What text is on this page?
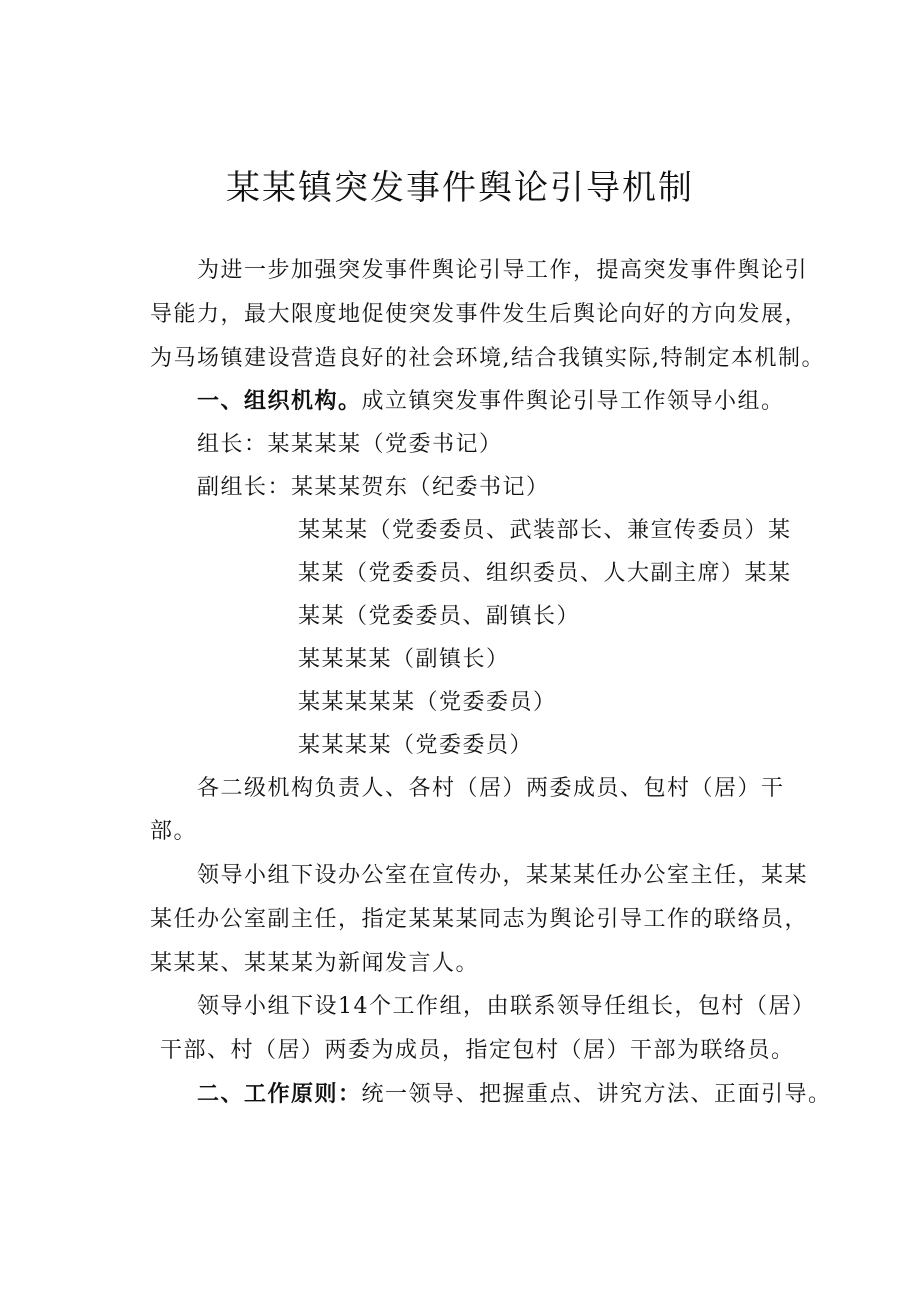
某某镇突发事件舆论引导机制
为进一步加强突发事件舆论引导工作，提高突发事件舆论引
导能力，最大限度地促使突发事件发生后舆论向好的方向发展，
为马场镇建设营造良好的社会环境,结合我镇实际,特制定本机制。
一、组织机构。成立镇突发事件舆论引导工作领导小组。
组长：某某某某（党委书记）
副组长：某某某贺东（纪委书记）
某某某（党委委员、武装部长、兼宣传委员）某
某某（党委委员、组织委员、人大副主席）某某
某某（党委委员、副镇长）
某某某某（副镇长）
某某某某某（党委委员）
某某某某（党委委员）
各二级机构负责人、各村（居）两委成员、包村（居）干
部。
领导小组下设办公室在宣传办，某某某任办公室主任，某某
某任办公室副主任，指定某某某同志为舆论引导工作的联络员，
某某某、某某某为新闻发言人。
领导小组下设14个工作组，由联系领导任组长，包村（居）
干部、村（居）两委为成员，指定包村（居）干部为联络员。
二、工作原则：统一领导、把握重点、讲究方法、正面引导。
